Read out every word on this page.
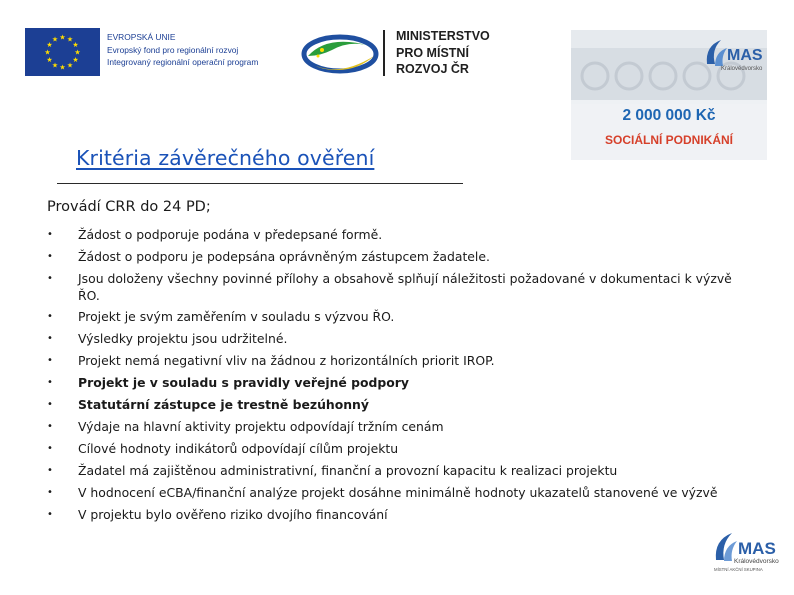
★ ★
★
★
★
★
★
★
★
★
★
★	EVROPSKÁ UNIE
Evropský fond pro regionální rozvoj
Integrovaný regionální operační program
MINISTERSTVO
PRO MÍSTNÍ
ROZVOJ ČR
MAS
Královédvorsko
2 000 000 Kč
SOCIÁLNÍ PODNIKÁNÍ
Kritéria závěrečného ověření
Provádí CRR do 24 PD;
• Žádost o podporuje podána v předepsané formě.
• Žádost o podporu je podepsána oprávněným zástupcem žadatele.
• Jsou doloženy všechny povinné přílohy a obsahově splňují náležitosti požadované v dokumentaci k výzvě ŘO.
• Projekt je svým zaměřením v souladu s výzvou ŘO.
• Výsledky projektu jsou udržitelné.
• Projekt nemá negativní vliv na žádnou z horizontálních priorit IROP.
• Projekt je v souladu s pravidly veřejné podpory
• Statutární zástupce je trestně bezúhonný
• Výdaje na hlavní aktivity projektu odpovídají tržním cenám
• Cílové hodnoty indikátorů odpovídají cílům projektu
• Žadatel má zajištěnou administrativní, finanční a provozní kapacitu k realizaci projektu
• V hodnocení eCBA/finanční analýze projekt dosáhne minimálně hodnoty ukazatelů stanovené ve výzvě
• V projektu bylo ověřeno riziko dvojího financování
MAS
Královédvorsko
MÍSTNÍ AKČNÍ SKUPINA
